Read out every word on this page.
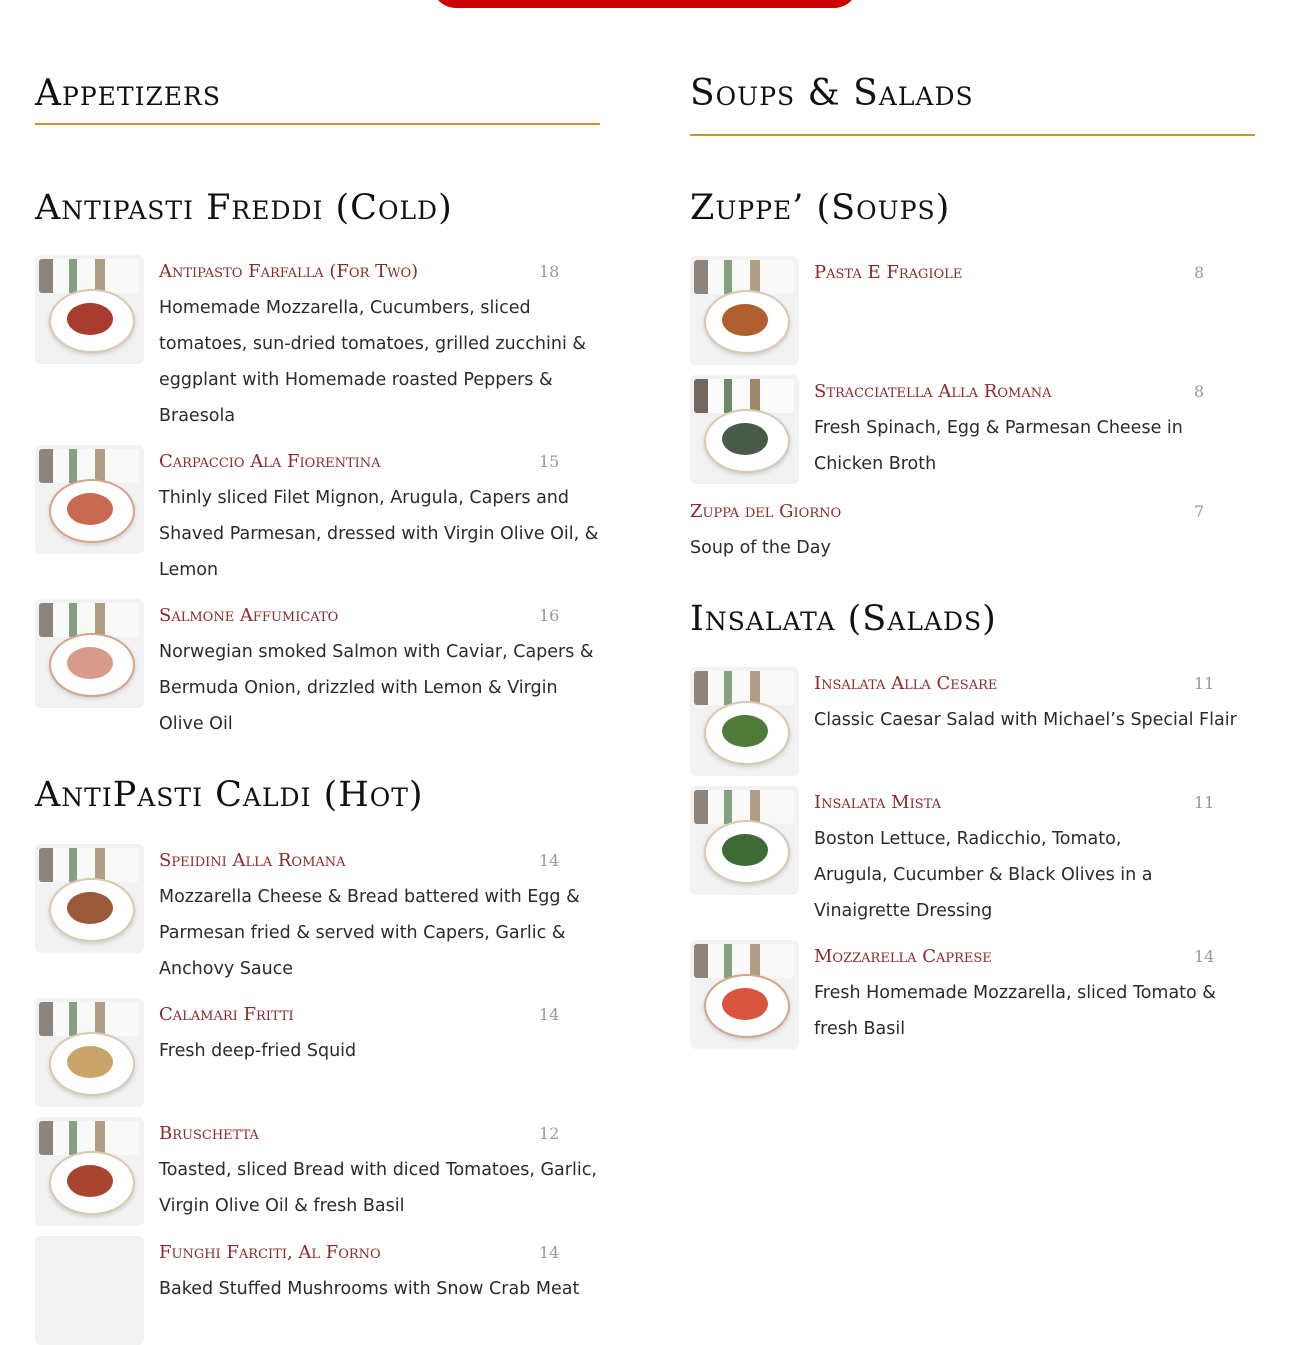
Appetizers
Antipasti Freddi (Cold)

Antipasto Farfalla (For Two)	18

Homemade Mozzarella, Cucumbers, sliced tomatoes, sun-dried tomatoes, grilled zucchini & eggplant with Homemade roasted Peppers & Braesola

Carpaccio Ala Fiorentina	15

Thinly sliced Filet Mignon, Arugula, Capers and Shaved Parmesan, dressed with Virgin Olive Oil, & Lemon

Salmone Affumicato	16

Norwegian smoked Salmon with Caviar, Capers & Bermuda Onion, drizzled with Lemon & Virgin Olive Oil

AntiPasti Caldi (Hot)

Speidini Alla Romana	14

Mozzarella Cheese & Bread battered with Egg & Parmesan fried & served with Capers, Garlic & Anchovy Sauce

Calamari Fritti	14

Fresh deep-fried Squid

Bruschetta	12

Toasted, sliced Bread with diced Tomatoes, Garlic, Virgin Olive Oil & fresh Basil

Funghi Farciti, Al Forno	14

Baked Stuffed Mushrooms with Snow Crab Meat

Soups & Salads
Zuppe’ (Soups)

Pasta E Fragiole	8

Stracciatella Alla Romana	8

Fresh Spinach, Egg & Parmesan Cheese in Chicken Broth

Zuppa del Giorno	7

Soup of the Day

Insalata (Salads)

Insalata Alla Cesare	11

Classic Caesar Salad with Michael’s Special Flair

Insalata Mista	11

Boston Lettuce, Radicchio, Tomato, Arugula, Cucumber & Black Olives in a Vinaigrette Dressing

Mozzarella Caprese	14

Fresh Homemade Mozzarella, sliced Tomato & fresh Basil
